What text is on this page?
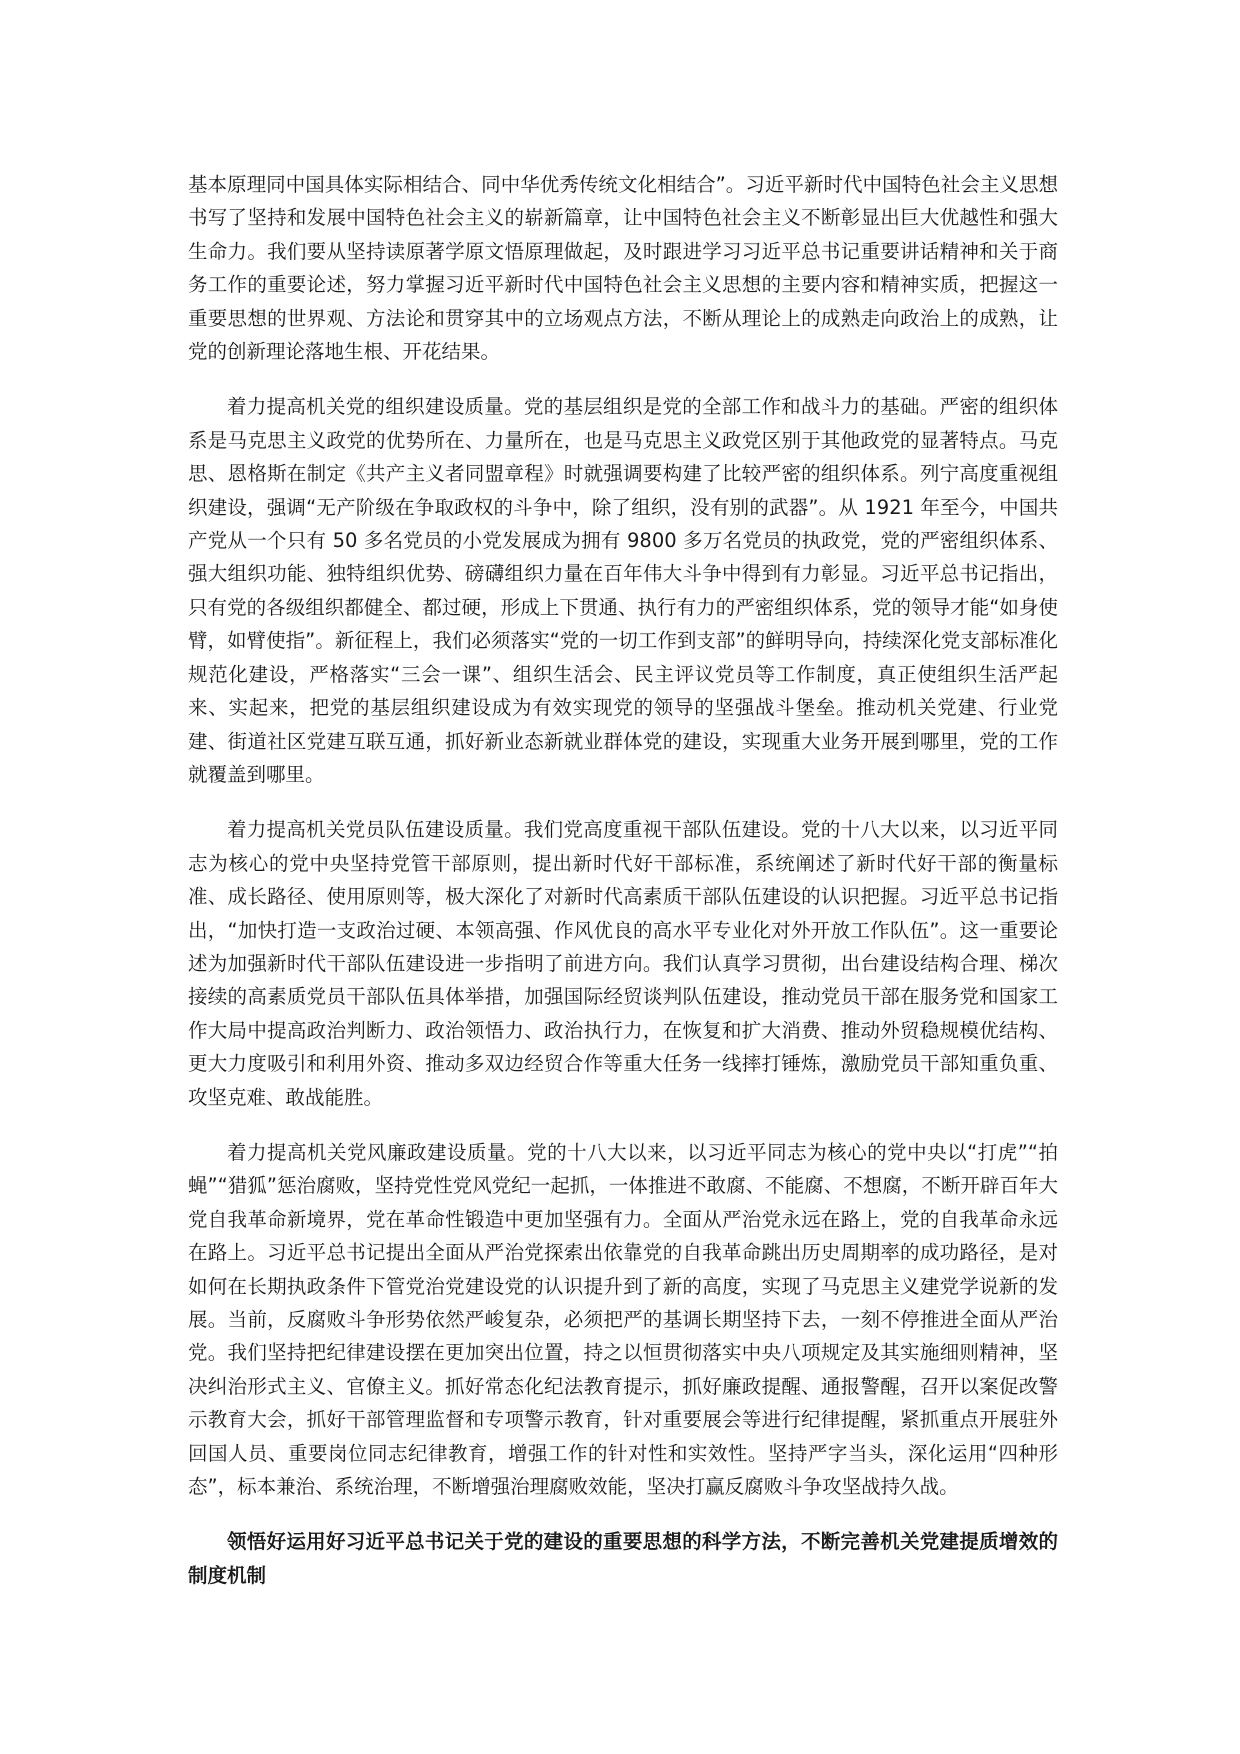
基本原理同中国具体实际相结合、同中华优秀传统文化相结合”。习近平新时代中国特色社会主义思想书写了坚持和发展中国特色社会主义的崭新篇章，让中国特色社会主义不断彰显出巨大优越性和强大生命力。我们要从坚持读原著学原文悟原理做起，及时跟进学习习近平总书记重要讲话精神和关于商务工作的重要论述，努力掌握习近平新时代中国特色社会主义思想的主要内容和精神实质，把握这一重要思想的世界观、方法论和贯穿其中的立场观点方法，不断从理论上的成熟走向政治上的成熟，让党的创新理论落地生根、开花结果。

着力提高机关党的组织建设质量。党的基层组织是党的全部工作和战斗力的基础。严密的组织体系是马克思主义政党的优势所在、力量所在，也是马克思主义政党区别于其他政党的显著特点。马克思、恩格斯在制定《共产主义者同盟章程》时就强调要构建了比较严密的组织体系。列宁高度重视组织建设，强调“无产阶级在争取政权的斗争中，除了组织，没有别的武器”。从 1921 年至今，中国共产党从一个只有 50 多名党员的小党发展成为拥有 9800 多万名党员的执政党，党的严密组织体系、强大组织功能、独特组织优势、磅礴组织力量在百年伟大斗争中得到有力彰显。习近平总书记指出，只有党的各级组织都健全、都过硬，形成上下贯通、执行有力的严密组织体系，党的领导才能“如身使臂，如臂使指”。新征程上，我们必须落实“党的一切工作到支部”的鲜明导向，持续深化党支部标准化规范化建设，严格落实“三会一课”、组织生活会、民主评议党员等工作制度，真正使组织生活严起来、实起来，把党的基层组织建设成为有效实现党的领导的坚强战斗堡垒。推动机关党建、行业党建、街道社区党建互联互通，抓好新业态新就业群体党的建设，实现重大业务开展到哪里，党的工作就覆盖到哪里。

着力提高机关党员队伍建设质量。我们党高度重视干部队伍建设。党的十八大以来，以习近平同志为核心的党中央坚持党管干部原则，提出新时代好干部标准，系统阐述了新时代好干部的衡量标准、成长路径、使用原则等，极大深化了对新时代高素质干部队伍建设的认识把握。习近平总书记指出，“加快打造一支政治过硬、本领高强、作风优良的高水平专业化对外开放工作队伍”。这一重要论述为加强新时代干部队伍建设进一步指明了前进方向。我们认真学习贯彻，出台建设结构合理、梯次接续的高素质党员干部队伍具体举措，加强国际经贸谈判队伍建设，推动党员干部在服务党和国家工作大局中提高政治判断力、政治领悟力、政治执行力，在恢复和扩大消费、推动外贸稳规模优结构、更大力度吸引和利用外资、推动多双边经贸合作等重大任务一线摔打锤炼，激励党员干部知重负重、攻坚克难、敢战能胜。

着力提高机关党风廉政建设质量。党的十八大以来，以习近平同志为核心的党中央以“打虎”“拍蝇”“猎狐”惩治腐败，坚持党性党风党纪一起抓，一体推进不敢腐、不能腐、不想腐，不断开辟百年大党自我革命新境界，党在革命性锻造中更加坚强有力。全面从严治党永远在路上，党的自我革命永远在路上。习近平总书记提出全面从严治党探索出依靠党的自我革命跳出历史周期率的成功路径，是对如何在长期执政条件下管党治党建设党的认识提升到了新的高度，实现了马克思主义建党学说新的发展。当前，反腐败斗争形势依然严峻复杂，必须把严的基调长期坚持下去，一刻不停推进全面从严治党。我们坚持把纪律建设摆在更加突出位置，持之以恒贯彻落实中央八项规定及其实施细则精神，坚决纠治形式主义、官僚主义。抓好常态化纪法教育提示，抓好廉政提醒、通报警醒，召开以案促改警示教育大会，抓好干部管理监督和专项警示教育，针对重要展会等进行纪律提醒，紧抓重点开展驻外回国人员、重要岗位同志纪律教育，增强工作的针对性和实效性。坚持严字当头，深化运用“四种形态”，标本兼治、系统治理，不断增强治理腐败效能，坚决打赢反腐败斗争攻坚战持久战。

领悟好运用好习近平总书记关于党的建设的重要思想的科学方法，不断完善机关党建提质增效的制度机制
